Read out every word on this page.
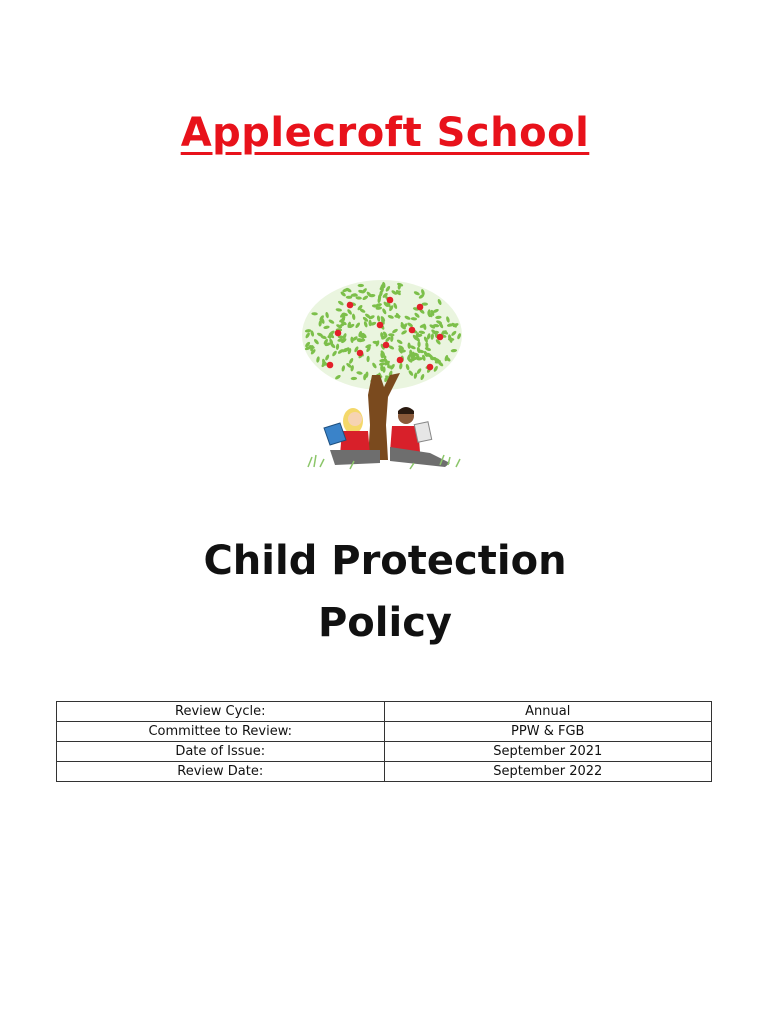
Applecroft School
Child Protection
Policy
Review Cycle:	Annual
Committee to Review:	PPW & FGB
Date of Issue:	September 2021
Review Date:	September 2022
